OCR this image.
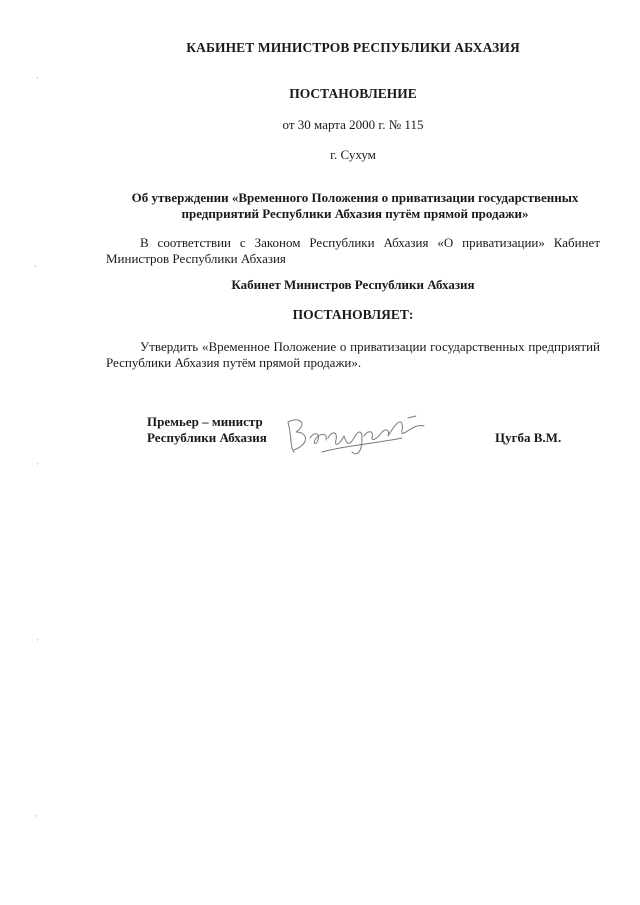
КАБИНЕТ МИНИСТРОВ РЕСПУБЛИКИ АБХАЗИЯ

ПОСТАНОВЛЕНИЕ

от 30 марта 2000 г. № 115

г. Сухум

Об утверждении «Временного Положения о приватизации государственных
предприятий Республики Абхазия путём прямой продажи»

В соответствии с Законом Республики Абхазия «О приватизации» Кабинет Министров Республики Абхазия

Кабинет Министров Республики Абхазия

ПОСТАНОВЛЯЕТ:

Утвердить «Временное Положение о приватизации государственных предприятий Республики Абхазия путём прямой продажи».

Премьер – министр
Республики Абхазия	Цугба В.М.
·
·
·
·
·
